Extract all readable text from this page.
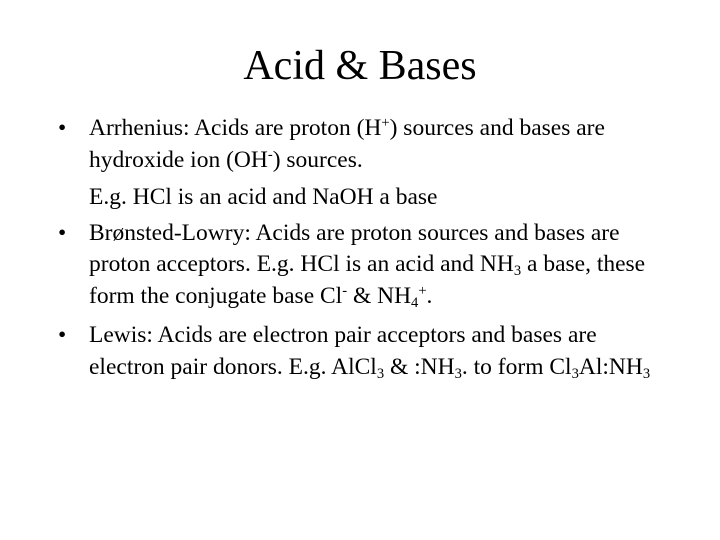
Acid & Bases
• Arrhenius: Acids are proton (H+) sources and bases are hydroxide ion (OH-) sources.
E.g. HCl is an acid and NaOH a base
• Brønsted-Lowry: Acids are proton sources and bases are proton acceptors. E.g. HCl is an acid and $NH_3$ a base, these form the conjugate base Cl- & $NH_4^+$.
• Lewis: Acids are electron pair acceptors and bases are electron pair donors. E.g. AlCl$_3$ & $:NH_3$. to form $Cl_3Al:NH_3$
